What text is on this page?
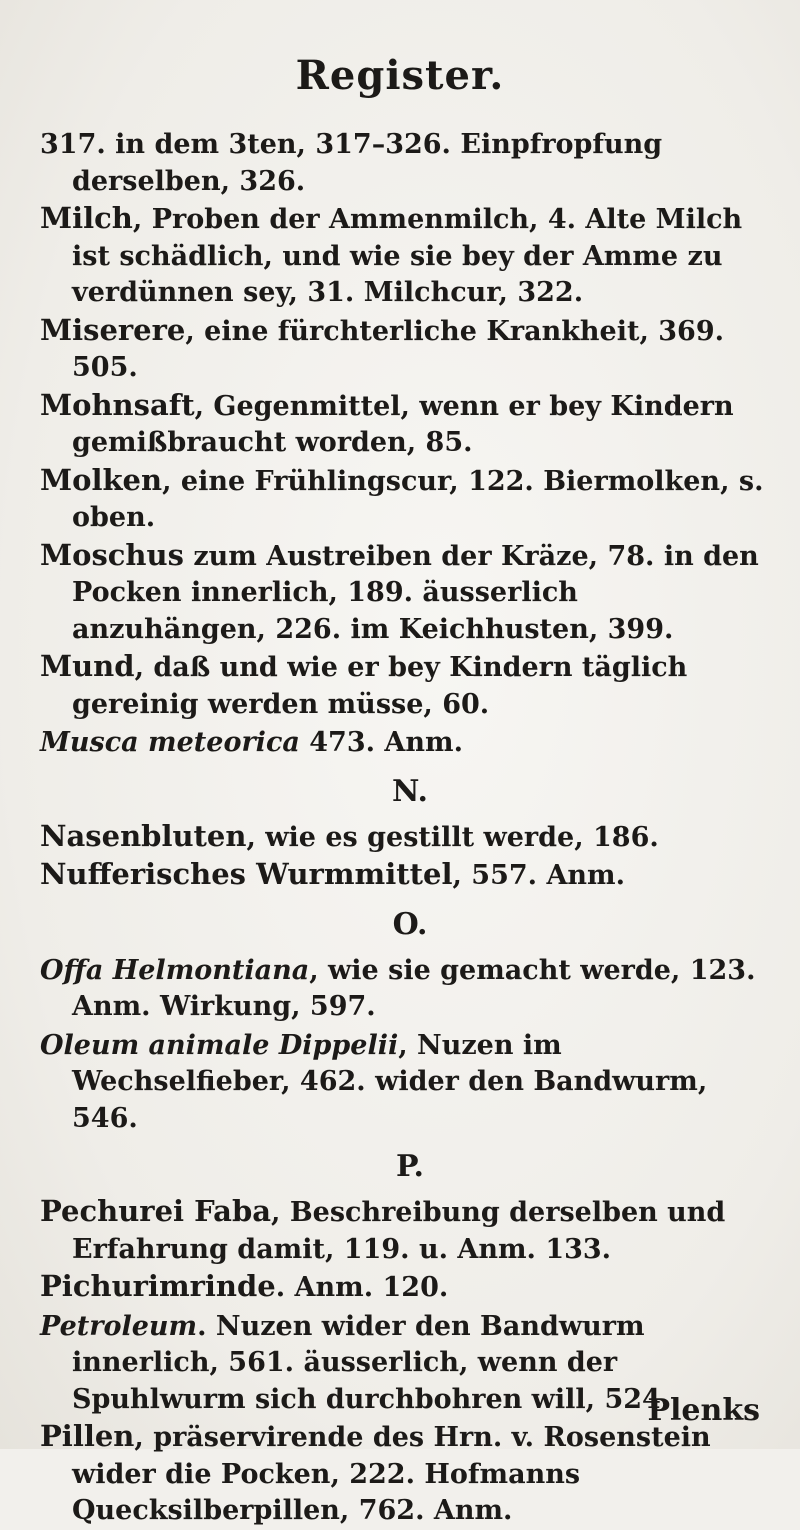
Register.

317. in dem 3ten, 317–326. Einpfropfung derselben, 326.

Milch, Proben der Ammenmilch, 4. Alte Milch ist schädlich, und wie sie bey der Amme zu verdünnen sey, 31. Milchcur, 322.

Miserere, eine fürchterliche Krankheit, 369. 505.

Mohnsaft, Gegenmittel, wenn er bey Kindern gemißbraucht worden, 85.

Molken, eine Frühlingscur, 122. Biermolken, s. oben.

Moschus zum Austreiben der Kräze, 78. in den Pocken innerlich, 189. äusserlich anzuhängen, 226. im Keichhusten, 399.

Mund, daß und wie er bey Kindern täglich gereinig werden müsse, 60.

Musca meteorica 473. Anm.

N.

Nasenbluten, wie es gestillt werde, 186.

Nufferisches Wurmmittel, 557. Anm.

O.

Offa Helmontiana, wie sie gemacht werde, 123. Anm. Wirkung, 597.

Oleum animale Dippelii, Nuzen im Wechselfieber, 462. wider den Bandwurm, 546.

P.

Pechurei Faba, Beschreibung derselben und Erfahrung damit, 119. u. Anm. 133.

Pichurimrinde. Anm. 120.

Petroleum. Nuzen wider den Bandwurm innerlich, 561. äusserlich, wenn der Spuhlwurm sich durchbohren will, 524.

Pillen, präservirende des Hrn. v. Rosenstein wider die Pocken, 222. Hofmanns Quecksilberpillen, 762. Anm.

Plenks
